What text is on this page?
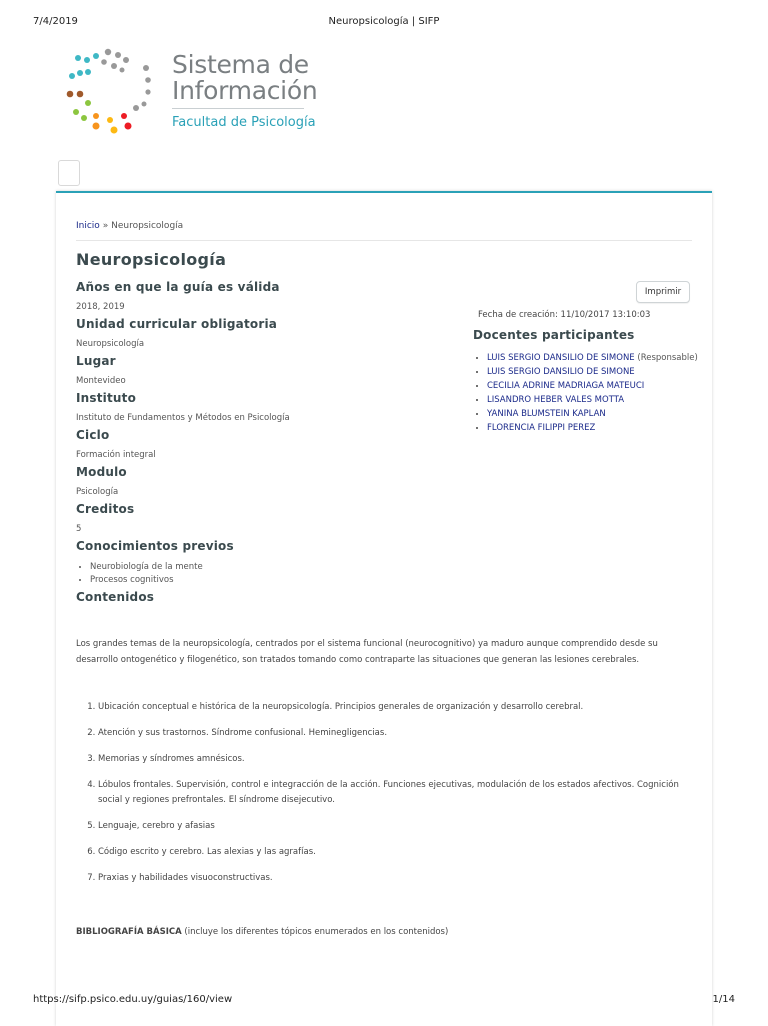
7/4/2019	Neuropsicología | SIFP
Sistema de
Información
Facultad de Psicología
Inicio » Neuropsicología
Neuropsicología
Años en que la guía es válida
2018, 2019
Unidad curricular obligatoria
Neuropsicología
Lugar
Montevideo
Instituto
Instituto de Fundamentos y Métodos en Psicología
Ciclo
Formación integral
Modulo
Psicología
Creditos
5
Conocimientos previos
• Neurobiología de la mente
• Procesos cognitivos
Contenidos
Imprimir
Fecha de creación: 11/10/2017 13:10:03
Docentes participantes
• LUIS SERGIO DANSILIO DE SIMONE (Responsable)
• LUIS SERGIO DANSILIO DE SIMONE
• CECILIA ADRINE MADRIAGA MATEUCI
• LISANDRO HEBER VALES MOTTA
• YANINA BLUMSTEIN KAPLAN
• FLORENCIA FILIPPI PEREZ

Los grandes temas de la neuropsicología, centrados por el sistema funcional (neurocognitivo) ya maduro aunque comprendido desde su desarrollo ontogenético y filogenético, son tratados tomando como contraparte las situaciones que generan las lesiones cerebrales.

1. Ubicación conceptual e histórica de la neuropsicología. Principios generales de organización y desarrollo cerebral.
2. Atención y sus trastornos. Síndrome confusional. Heminegligencias.
3. Memorias y síndromes amnésicos.
4. Lóbulos frontales. Supervisión, control e integracción de la acción. Funciones ejecutivas, modulación de los estados afectivos. Cognición social y regiones prefrontales. El síndrome disejecutivo.
5. Lenguaje, cerebro y afasias
6. Código escrito y cerebro. Las alexias y las agrafías.
7. Praxias y habilidades visuoconstructivas.
BIBLIOGRAFÍA BÁSICA (incluye los diferentes tópicos enumerados en los contenidos)
https://sifp.psico.edu.uy/guias/160/view	1/14
